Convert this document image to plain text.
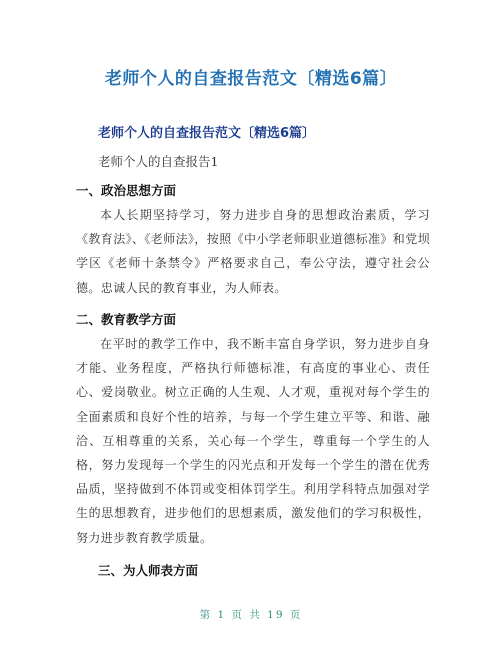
老师个人的自查报告范文〔精选6篇〕
老师个人的自查报告范文〔精选6篇〕
老师个人的自查报告1
一、政治思想方面

本人长期坚持学习，努力进步自身的思想政治素质，学习《教育法》、《老师法》，按照《中小学老师职业道德标准》和党坝学区《老师十条禁令》严格要求自己，奉公守法，遵守社会公德。忠诚人民的教育事业，为人师表。

二、教育教学方面

在平时的教学工作中，我不断丰富自身学识，努力进步自身才能、业务程度，严格执行师德标准，有高度的事业心、责任心、爱岗敬业。树立正确的人生观、人才观，重视对每个学生的全面素质和良好个性的培养，与每一个学生建立平等、和谐、融洽、互相尊重的关系，关心每一个学生，尊重每一个学生的人格，努力发现每一个学生的闪光点和开发每一个学生的潜在优秀品质，坚持做到不体罚或变相体罚学生。利用学科特点加强对学生的思想教育，进步他们的思想素质，激发他们的学习积极性，努力进步教育教学质量。

三、为人师表方面
第 1 页 共 19 页
